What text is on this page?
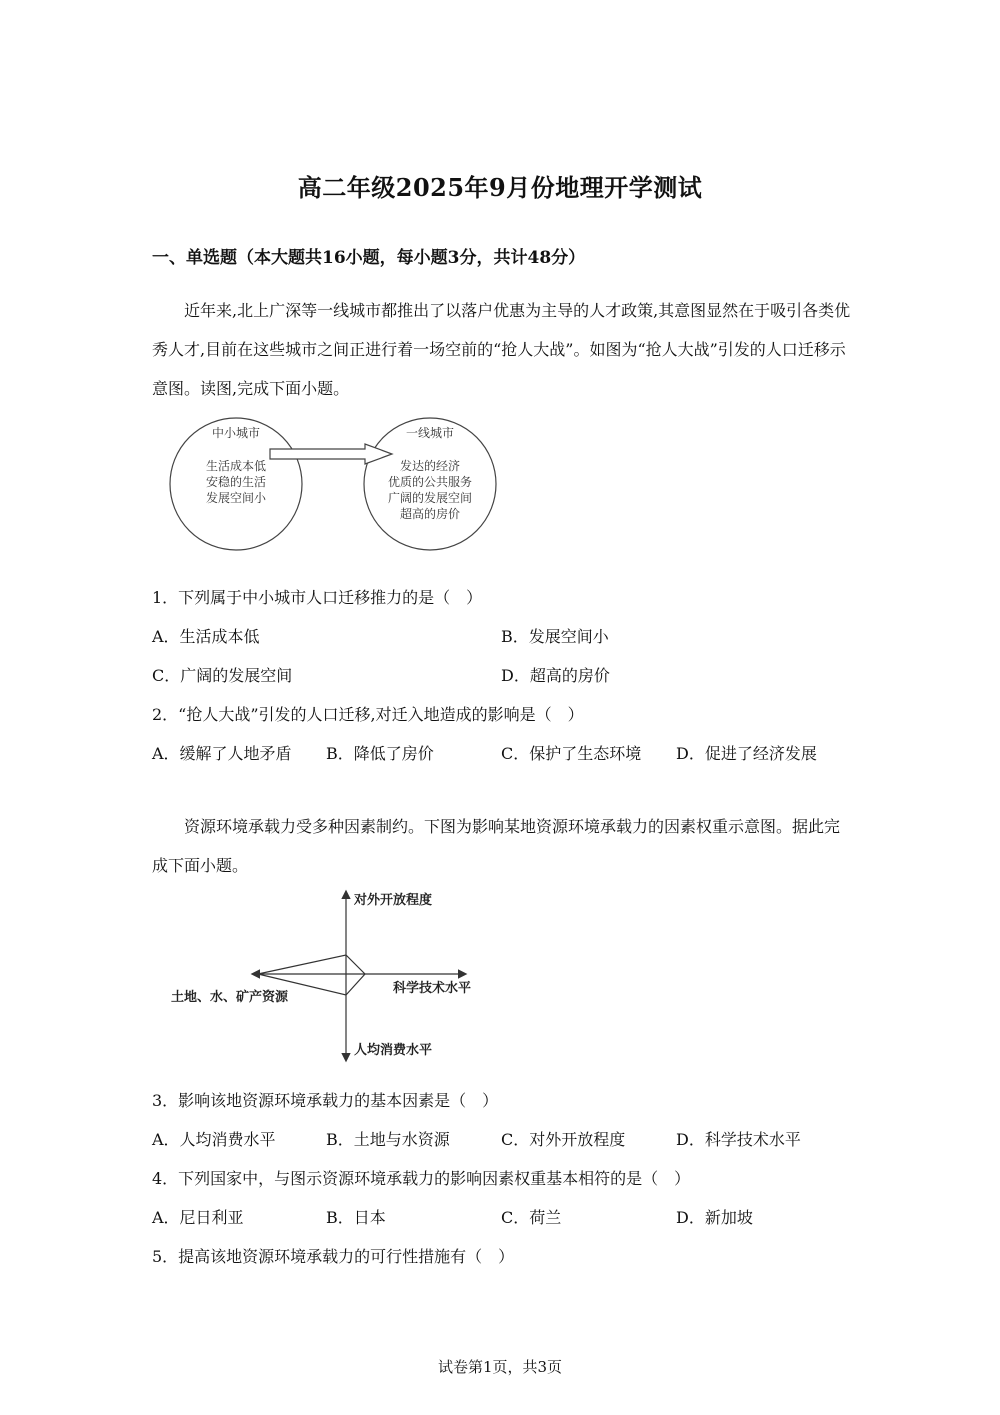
高二年级2025年9月份地理开学测试
一、单选题（本大题共16小题，每小题3分，共计48分）
近年来,北上广深等一线城市都推出了以落户优惠为主导的人才政策,其意图显然在于吸引各类优秀人才,目前在这些城市之间正进行着一场空前的“抢人大战”。如图为“抢人大战”引发的人口迁移示意图。读图,完成下面小题。
中小城市
生活成本低
安稳的生活
发展空间小
一线城市
发达的经济
优质的公共服务
广阔的发展空间
超高的房价
1．下列属于中小城市人口迁移推力的是（　）
A．生活成本低	B．发展空间小
C．广阔的发展空间	D．超高的房价
2．“抢人大战”引发的人口迁移,对迁入地造成的影响是（　）
A．缓解了人地矛盾 B．降低了房价	C．保护了生态环境 D．促进了经济发展
资源环境承载力受多种因素制约。下图为影响某地资源环境承载力的因素权重示意图。据此完成下面小题。
对外开放程度
科学技术水平
人均消费水平
土地、水、矿产资源
3．影响该地资源环境承载力的基本因素是（　）
A．人均消费水平	B．土地与水资源	C．对外开放程度	D．科学技术水平
4．下列国家中，与图示资源环境承载力的影响因素权重基本相符的是（　）
A．尼日利亚	B．日本	C．荷兰	D．新加坡
5．提高该地资源环境承载力的可行性措施有（　）
试卷第1页，共3页
